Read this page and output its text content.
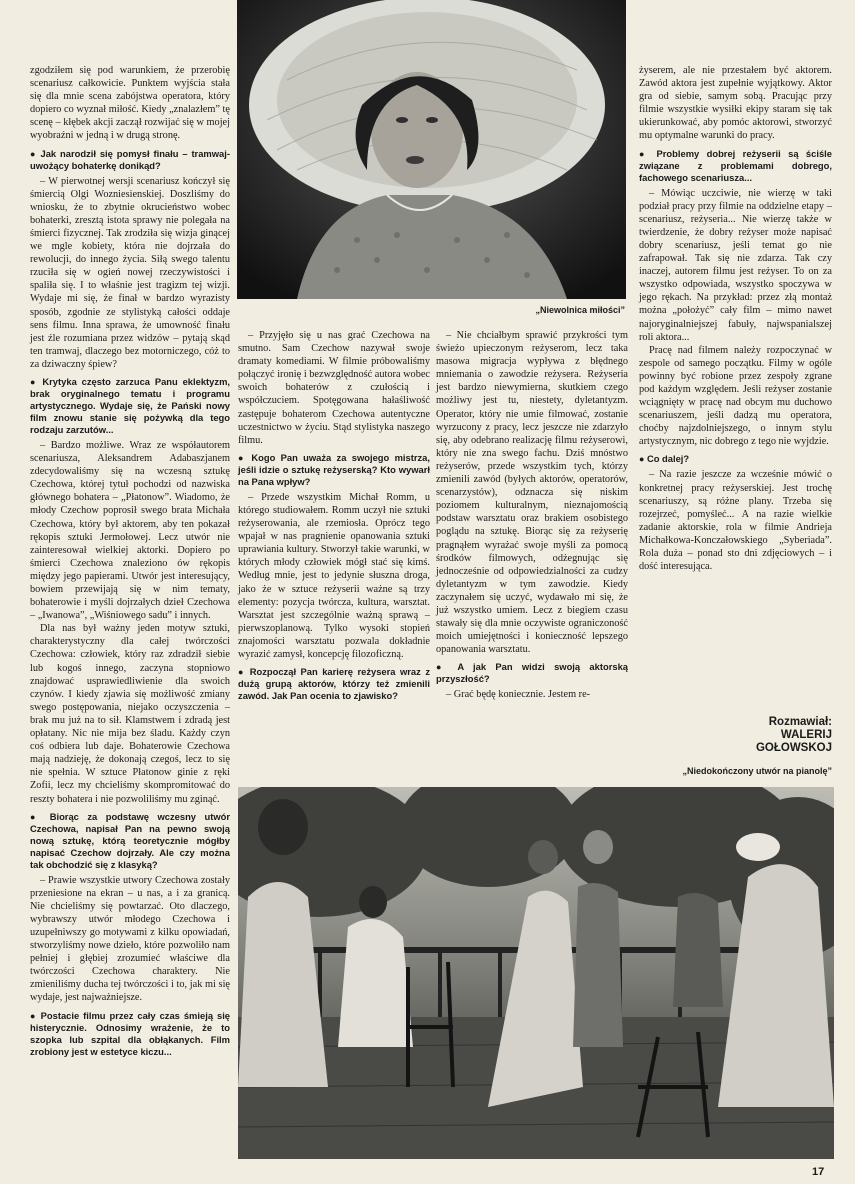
„Niewolnica miłości”

zgodziłem się pod warunkiem, że przerobię scenariusz całkowicie. Punktem wyjścia stała się dla mnie scena zabójstwa operatora, który dopiero co wyznał miłość. Kiedy „znalazłem” tę scenę – kłębek akcji zaczął rozwijać się w mojej wyobraźni w jedną i w drugą stronę.

● Jak narodził się pomysł finału – tramwaj-uwożący bohaterkę donikąd?

– W pierwotnej wersji scenariusz kończył się śmiercią Olgi Wozniesienskiej. Doszliśmy do wniosku, że to zbytnie okrucieństwo wobec bohaterki, zresztą istota sprawy nie polegała na śmierci fizycznej. Tak zrodziła się wizja ginącej we mgle kobiety, która nie dojrzała do rewolucji, do innego życia. Siłą swego talentu rzuciła się w ogień nowej rzeczywistości i spaliła się. I to właśnie jest tragizm tej wizji. Wydaje mi się, że finał w bardzo wyrazisty sposób, zgodnie ze stylistyką całości oddaje sens filmu. Inna sprawa, że umowność finału jest źle rozumiana przez widzów – pytają skąd ten tramwaj, dlaczego bez motorniczego, cóż to za dziwaczny śpiew?

● Krytyka często zarzuca Panu eklektyzm, brak oryginalnego tematu i programu artystycznego. Wydaje się, że Pański nowy film znowu stanie się pożywką dla tego rodzaju zarzutów...

– Bardzo możliwe. Wraz ze współautorem scenariusza, Aleksandrem Adabaszjanem zdecydowaliśmy się na wczesną sztukę Czechowa, której tytuł pochodzi od nazwiska głównego bohatera – „Płatonow”. Wiadomo, że młody Czechow poprosił swego brata Michała Czechowa, który był aktorem, aby ten pokazał rękopis sztuki Jermołowej. Lecz utwór nie zainteresował wielkiej aktorki. Dopiero po śmierci Czechowa znaleziono ów rękopis między jego papierami. Utwór jest interesujący, bowiem przewijają się w nim tematy, bohaterowie i myśli dojrzałych dzieł Czechowa – „Iwanowa”, „Wiśniowego sadu” i innych.

Dla nas był ważny jeden motyw sztuki, charakterystyczny dla całej twórczości Czechowa: człowiek, który raz zdradził siebie lub kogoś innego, zaczyna stopniowo znajdować usprawiedliwienie dla swoich czynów. I kiedy zjawia się możliwość zmiany swego postępowania, niejako oczyszczenia – brak mu już na to sił. Klamstwem i zdradą jest opłatany. Nic nie mija bez śladu. Każdy czyn coś odbiera lub daje. Bohaterowie Czechowa mają nadzieję, że dokonają czegoś, lecz to się nie spełnia. W sztuce Płatonow ginie z ręki Zofii, lecz my chcieliśmy skompromitować do reszty bohatera i nie pozwoliliśmy mu zginąć.

● Biorąc za podstawę wczesny utwór Czechowa, napisał Pan na pewno swoją nową sztukę, którą teoretycznie mógłby napisać Czechow dojrzały. Ale czy można tak obchodzić się z klasyką?

– Prawie wszystkie utwory Czechowa zostały przeniesione na ekran – u nas, a i za granicą. Nie chcieliśmy się powtarzać. Oto dlaczego, wybrawszy utwór młodego Czechowa i uzupełniwszy go motywami z kilku opowiadań, stworzyliśmy nowe dzieło, które pozwoliło nam pełniej i głębiej zrozumieć właściwe dla twórczości Czechowa charaktery. Nie zmieniliśmy ducha tej twórczości i to, jak mi się wydaje, jest najważniejsze.

● Postacie filmu przez cały czas śmieją się histerycznie. Odnosimy wrażenie, że to szopka lub szpital dla obłąkanych. Film zrobiony jest w estetyce kiczu...

– Przyjęło się u nas grać Czechowa na smutno. Sam Czechow nazywał swoje dramaty komediami. W filmie próbowaliśmy połączyć ironię i bezwzględność autora wobec swoich bohaterów z czułością i współczuciem. Spotęgowana hałaśliwość zastępuje bohaterom Czechowa autentyczne uczestnictwo w życiu. Stąd stylistyka naszego filmu.

● Kogo Pan uważa za swojego mistrza, jeśli idzie o sztukę reżyserską? Kto wywarł na Pana wpływ?

– Przede wszystkim Michał Romm, u którego studiowałem. Romm uczył nie sztuki reżyserowania, ale rzemiosła. Oprócz tego wpajał w nas pragnienie opanowania sztuki uprawiania kultury. Stworzył takie warunki, w których młody człowiek mógł stać się kimś. Według mnie, jest to jedynie słuszna droga, jako że w sztuce reżyserii ważne są trzy elementy: pozycja twórcza, kultura, warsztat. Warsztat jest szczególnie ważną sprawą – pierwszoplanową. Tylko wysoki stopień znajomości warsztatu pozwala dokładnie wyrazić zamysł, koncepcję filozoficzną.

● Rozpoczął Pan karierę reżysera wraz z dużą grupą aktorów, którzy też zmienili zawód. Jak Pan ocenia to zjawisko?

– Nie chciałbym sprawić przykrości tym świeżo upieczonym reżyserom, lecz taka masowa migracja wypływa z błędnego mniemania o zawodzie reżysera. Reżyseria jest bardzo niewymierna, skutkiem czego możliwy jest tu, niestety, dyletantyzm. Operator, który nie umie filmować, zostanie wyrzucony z pracy, lecz jeszcze nie zdarzyło się, aby odebrano realizację filmu reżyserowi, który nie zna swego fachu. Dziś mnóstwo reżyserów, przede wszystkim tych, którzy zmienili zawód (byłych aktorów, operatorów, scenarzystów), odznacza się niskim poziomem kulturalnym, nieznajomością podstaw warsztatu oraz brakiem osobistego poglądu na sztukę. Biorąc się za reżyserię pragnąłem wyrażać swoje myśli za pomocą środków filmowych, odżegnując się jednocześnie od odpowiedzialności za cudzy dyletantyzm w tym zawodzie. Kiedy zaczynałem się uczyć, wydawało mi się, że już wszystko umiem. Lecz z biegiem czasu stawały się dla mnie oczywiste ograniczoność moich umiejętności i konieczność lepszego opanowania warsztatu.

● A jak Pan widzi swoją aktorską przyszłość?

– Grać będę koniecznie. Jestem re-

żyserem, ale nie przestałem być aktorem. Zawód aktora jest zupełnie wyjątkowy. Aktor gra od siebie, samym sobą. Pracując przy filmie wszystkie wysiłki ekipy staram się tak ukierunkować, aby pomóc aktorowi, stworzyć mu optymalne warunki do pracy.

● Problemy dobrej reżyserii są ściśle związane z problemami dobrego, fachowego scenariusza...

– Mówiąc uczciwie, nie wierzę w taki podział pracy przy filmie na oddzielne etapy – scenariusz, reżyseria... Nie wierzę także w twierdzenie, że dobry reżyser może napisać dobry scenariusz, jeśli temat go nie zafrapował. Tak się nie zdarza. Tak czy inaczej, autorem filmu jest reżyser. To on za wszystko odpowiada, wszystko spoczywa w jego rękach. Na przykład: przez złą montaż można „położyć” cały film – mimo nawet najoryginalniejszej fabuły, najwspanialszej roli aktora...

Pracę nad filmem należy rozpoczynać w zespole od samego początku. Filmy w ogóle powinny być robione przez zespoły zgrane pod każdym względem. Jeśli reżyser zostanie wciągnięty w pracę nad obcym mu duchowo scenariuszem, jeśli dadzą mu operatora, choćby najzdolniejszego, o innym stylu artystycznym, nic dobrego z tego nie wyjdzie.

● Co dalej?

– Na razie jeszcze za wcześnie mówić o konkretnej pracy reżyserskiej. Jest trochę scenariuszy, są różne plany. Trzeba się rozejrzeć, pomyśleć... A na razie wielkie zadanie aktorskie, rola w filmie Andrieja Michałkowa-Konczałowskiego „Syberiada”. Rola duża – ponad sto dni zdjęciowych – i dość interesująca.

Rozmawiał:
WALERIJ
GOŁOWSKOJ
„Niedokończony utwór na pianolę”
17
